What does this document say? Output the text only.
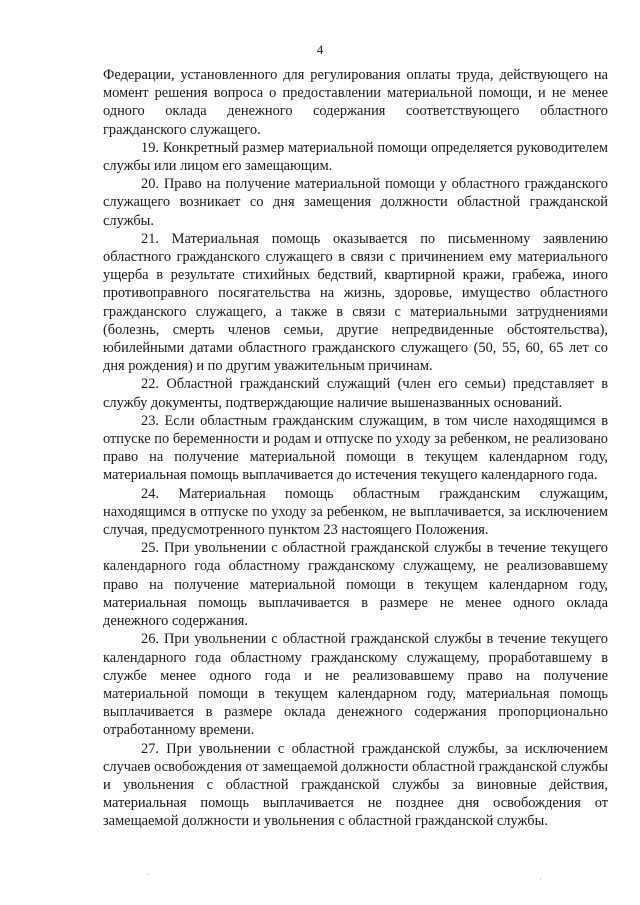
4

Федерации, установленного для регулирования оплаты труда, действующего на момент решения вопроса о предоставлении материальной помощи, и не менее одного оклада денежного содержания соответствующего областного гражданского служащего.

19. Конкретный размер материальной помощи определяется руководителем службы или лицом его замещающим.

20. Право на получение материальной помощи у областного гражданского служащего возникает со дня замещения должности областной гражданской службы.

21. Материальная помощь оказывается по письменному заявлению областного гражданского служащего в связи с причинением ему материального ущерба в результате стихийных бедствий, квартирной кражи, грабежа, иного противоправного посягательства на жизнь, здоровье, имущество областного гражданского служащего, а также в связи с материальными затруднениями (болезнь, смерть членов семьи, другие непредвиденные обстоятельства), юбилейными датами областного гражданского служащего (50, 55, 60, 65 лет со дня рождения) и по другим уважительным причинам.

22. Областной гражданский служащий (член его семьи) представляет в службу документы, подтверждающие наличие вышеназванных оснований.

23. Если областным гражданским служащим, в том числе находящимся в отпуске по беременности и родам и отпуске по уходу за ребенком, не реализовано право на получение материальной помощи в текущем календарном году, материальная помощь выплачивается до истечения текущего календарного года.

24. Материальная помощь областным гражданским служащим, находящимся в отпуске по уходу за ребенком, не выплачивается, за исключением случая, предусмотренного пунктом 23 настоящего Положения.

25. При увольнении с областной гражданской службы в течение текущего календарного года областному гражданскому служащему, не реализовавшему право на получение материальной помощи в текущем календарном году, материальная помощь выплачивается в размере не менее одного оклада денежного содержания.

26. При увольнении с областной гражданской службы в течение текущего календарного года областному гражданскому служащему, проработавшему в службе менее одного года и не реализовавшему право на получение материальной помощи в текущем календарном году, материальная помощь выплачивается в размере оклада денежного содержания пропорционально отработанному времени.

27. При увольнении с областной гражданской службы, за исключением случаев освобождения от замещаемой должности областной гражданской службы и увольнения с областной гражданской службы за виновные действия, материальная помощь выплачивается не позднее дня освобождения от замещаемой должности и увольнения с областной гражданской службы.
